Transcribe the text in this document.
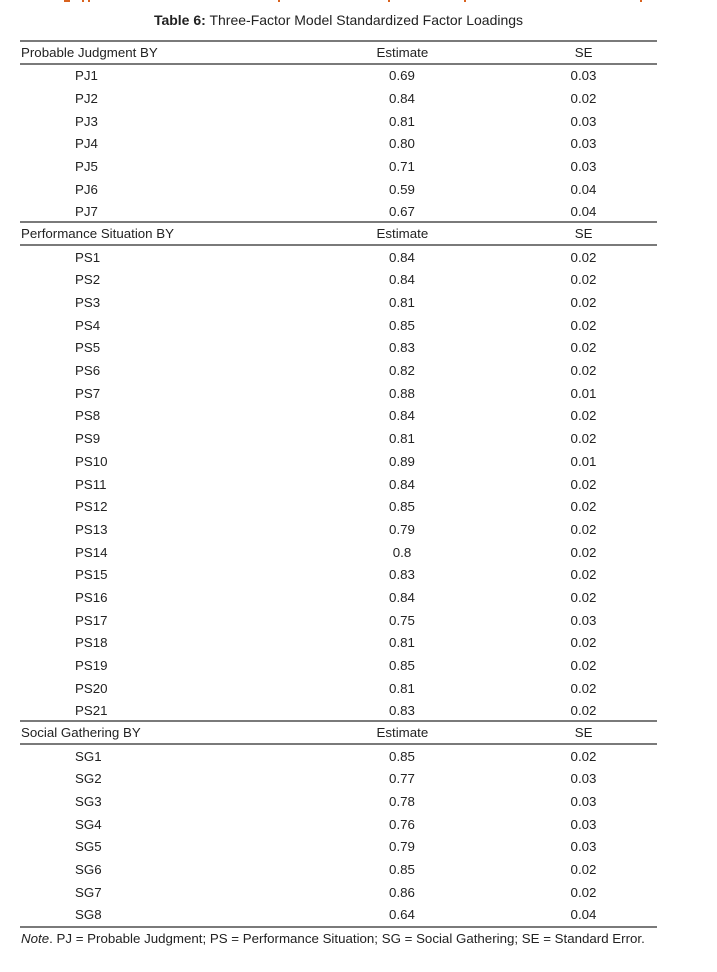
Table 6: Three-Factor Model Standardized Factor Loadings
Probable Judgment BY	Estimate	SE
PJ1	0.69	0.03
PJ2	0.84	0.02
PJ3	0.81	0.03
PJ4	0.80	0.03
PJ5	0.71	0.03
PJ6	0.59	0.04
PJ7	0.67	0.04
Performance Situation BY	Estimate	SE
PS1	0.84	0.02
PS2	0.84	0.02
PS3	0.81	0.02
PS4	0.85	0.02
PS5	0.83	0.02
PS6	0.82	0.02
PS7	0.88	0.01
PS8	0.84	0.02
PS9	0.81	0.02
PS10	0.89	0.01
PS11	0.84	0.02
PS12	0.85	0.02
PS13	0.79	0.02
PS14	0.8	0.02
PS15	0.83	0.02
PS16	0.84	0.02
PS17	0.75	0.03
PS18	0.81	0.02
PS19	0.85	0.02
PS20	0.81	0.02
PS21	0.83	0.02
Social Gathering BY	Estimate	SE
SG1	0.85	0.02
SG2	0.77	0.03
SG3	0.78	0.03
SG4	0.76	0.03
SG5	0.79	0.03
SG6	0.85	0.02
SG7	0.86	0.02
SG8	0.64	0.04
Note. PJ = Probable Judgment; PS = Performance Situation; SG = Social Gathering; SE = Standard Error.
